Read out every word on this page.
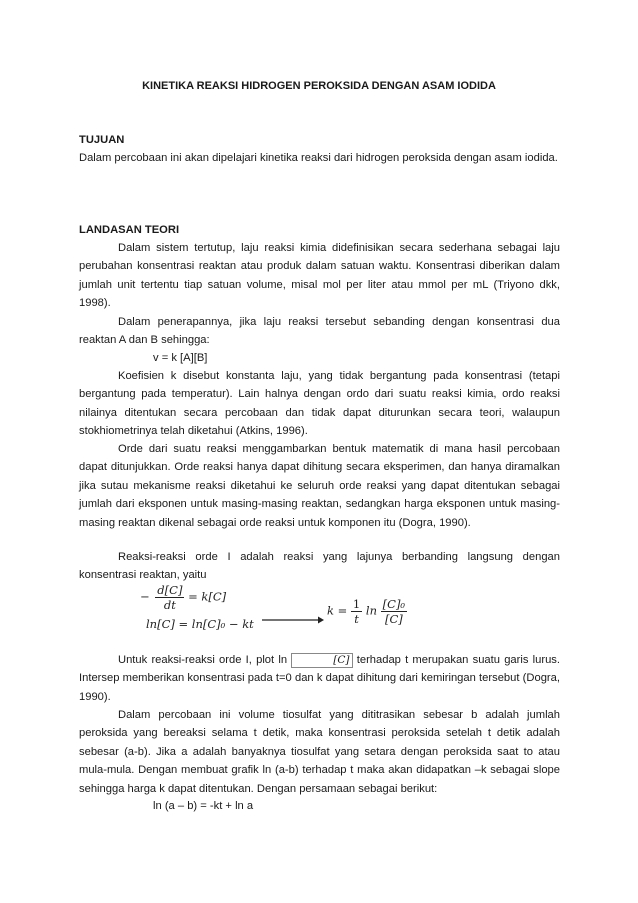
KINETIKA REAKSI HIDROGEN PEROKSIDA DENGAN ASAM IODIDA
TUJUAN
Dalam percobaan ini akan dipelajari kinetika reaksi dari hidrogen peroksida dengan asam iodida.
LANDASAN TEORI
Dalam sistem tertutup, laju reaksi kimia didefinisikan secara sederhana sebagai laju perubahan konsentrasi reaktan atau produk dalam satuan waktu. Konsentrasi diberikan dalam jumlah unit tertentu tiap satuan volume, misal mol per liter atau mmol per mL (Triyono dkk, 1998).
Dalam penerapannya, jika laju reaksi tersebut sebanding dengan konsentrasi dua reaktan A dan B sehingga:
v = k [A][B]
Koefisien k disebut konstanta laju, yang tidak bergantung pada konsentrasi (tetapi bergantung pada temperatur). Lain halnya dengan ordo dari suatu reaksi kimia, ordo reaksi nilainya ditentukan secara percobaan dan tidak dapat diturunkan secara teori, walaupun stokhiometrinya telah diketahui (Atkins, 1996).
Orde dari suatu reaksi menggambarkan bentuk matematik di mana hasil percobaan dapat ditunjukkan. Orde reaksi hanya dapat dihitung secara eksperimen, dan hanya diramalkan jika sutau mekanisme reaksi diketahui ke seluruh orde reaksi yang dapat ditentukan sebagai jumlah dari eksponen untuk masing-masing reaktan, sedangkan harga eksponen untuk masing-masing reaktan dikenal sebagai orde reaksi untuk komponen itu (Dogra, 1990).
Reaksi-reaksi orde I adalah reaksi yang lajunya berbanding langsung dengan konsentrasi reaktan, yaitu
− $\frac{d[C]}{dt} = k[C]$
ln[C] = ln[C]₀ − kt
$k = \frac{1}{t}$ $\ln \frac{\text{[C]₀}}{[C]}$
Untuk reaksi-reaksi orde I, plot ln	[C] terhadap t merupakan suatu garis lurus. Intersep memberikan konsentrasi pada t=0 dan k dapat dihitung dari kemiringan tersebut (Dogra, 1990).
Dalam percobaan ini volume tiosulfat yang dititrasikan sebesar b adalah jumlah peroksida yang bereaksi selama t detik, maka konsentrasi peroksida setelah t detik adalah sebesar (a-b). Jika a adalah banyaknya tiosulfat yang setara dengan peroksida saat to atau mula-mula. Dengan membuat grafik ln (a-b) terhadap t maka akan didapatkan –k sebagai slope sehingga harga k dapat ditentukan. Dengan persamaan sebagai berikut:
ln (a – b) = -kt + ln a
